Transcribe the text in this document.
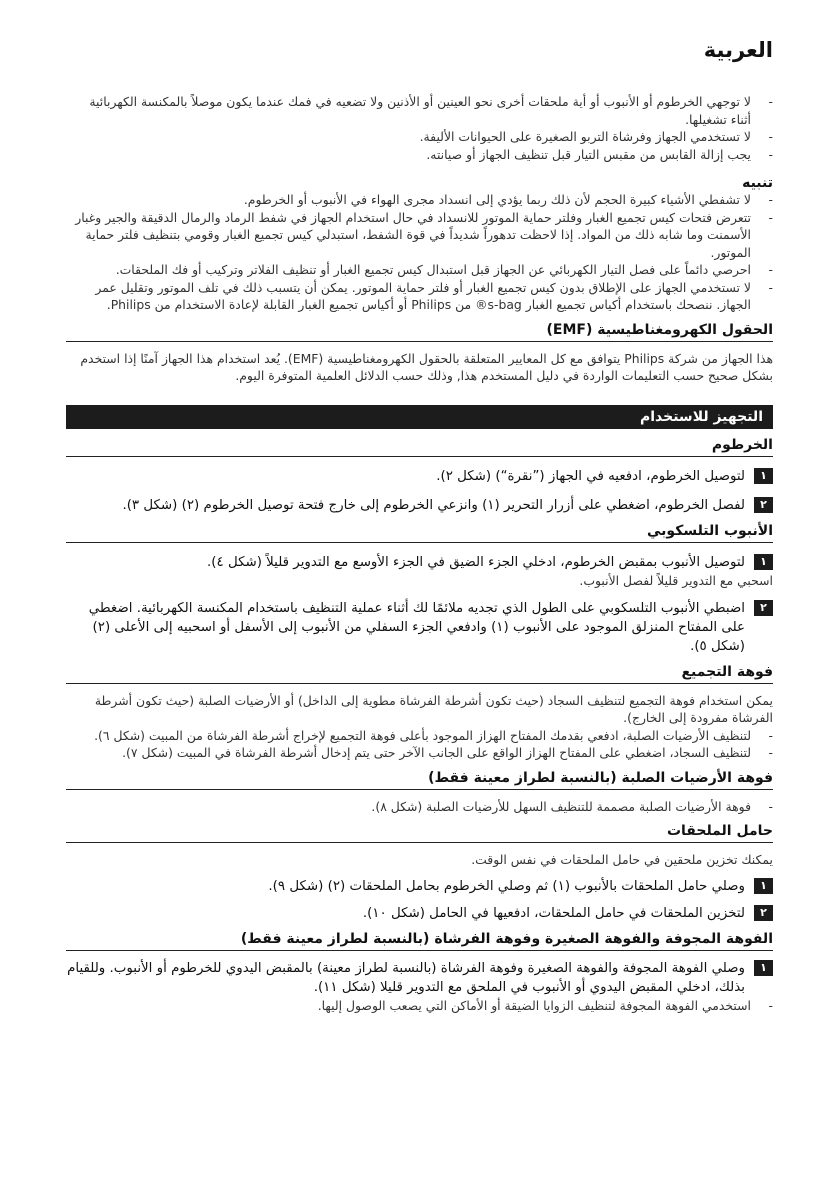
العربية

-
لا توجهي الخرطوم أو الأنبوب أو أية ملحقات أخرى نحو العينين أو الأذنين ولا تضعيه في فمك عندما يكون موصلاً بالمكنسة الكهربائية أثناء تشغيلها.

-
لا تستخدمي الجهاز وفرشاة التربو الصغيرة على الحيوانات الأليفة.

-
يجب إزالة القابس من مقبس التيار قبل تنظيف الجهاز أو صيانته.

تنبيه

-
لا تشفطي الأشياء كبيرة الحجم لأن ذلك ربما يؤدي إلى انسداد مجرى الهواء في الأنبوب أو الخرطوم.

-
تتعرض فتحات كيس تجميع الغبار وفلتر حماية الموتور للانسداد في حال استخدام الجهاز في شفط الرماد والرمال الدقيقة والجير وغبار الأسمنت وما شابه ذلك من المواد. إذا لاحظت تدهوراً شديداً في قوة الشفط، استبدلي كيس تجميع الغبار وقومي بتنظيف فلتر حماية الموتور.

-
احرصي دائماً على فصل التيار الكهربائي عن الجهاز قبل استبدال كيس تجميع الغبار أو تنظيف الفلاتر وتركيب أو فك الملحقات.

-
لا تستخدمي الجهاز على الإطلاق بدون كيس تجميع الغبار أو فلتر حماية الموتور. يمكن أن يتسبب ذلك في تلف الموتور وتقليل عمر الجهاز. ننصحك باستخدام أكياس تجميع الغبار s-bag® من Philips أو أكياس تجميع الغبار القابلة لإعادة الاستخدام من Philips.

الحقول الكهرومغناطيسية (EMF)

هذا الجهاز من شركة Philips يتوافق مع كل المعايير المتعلقة بالحقول الكهرومغناطيسية (EMF). يُعد استخدام هذا الجهاز آمنًا إذا استخدم بشكل صحيح حسب التعليمات الواردة في دليل المستخدم هذا, وذلك حسب الدلائل العلمية المتوفرة اليوم.

التجهيز للاستخدام

الخرطوم

١
لتوصيل الخرطوم، ادفعيه في الجهاز (”نقرة“) (شكل ٢).

٢
لفصل الخرطوم، اضغطي على أزرار التحرير (١) وانزعي الخرطوم إلى خارج فتحة توصيل الخرطوم (٢) (شكل ٣).

الأنبوب التلسكوبي

١
لتوصيل الأنبوب بمقبض الخرطوم، ادخلي الجزء الضيق في الجزء الأوسع مع التدوير قليلاً (شكل ٤).

اسحبي مع التدوير قليلاً لفصل الأنبوب.

٢
اضبطي الأنبوب التلسكوبي على الطول الذي تجديه ملائمًا لك أثناء عملية التنظيف باستخدام المكنسة الكهربائية. اضغطي على المفتاح المنزلق الموجود على الأنبوب (١) وادفعي الجزء السفلي من الأنبوب إلى الأسفل أو اسحبيه إلى الأعلى (٢) (شكل ٥).

فوهة التجميع

يمكن استخدام فوهة التجميع لتنظيف السجاد (حيث تكون أشرطة الفرشاة مطوية إلى الداخل) أو الأرضيات الصلبة (حيث تكون أشرطة الفرشاة مفرودة إلى الخارج).

-
لتنظيف الأرضيات الصلبة، ادفعي بقدمك المفتاح الهزاز الموجود بأعلى فوهة التجميع لإخراج أشرطة الفرشاة من المبيت (شكل ٦).

-
لتنظيف السجاد، اضغطي على المفتاح الهزاز الواقع على الجانب الآخر حتى يتم إدخال أشرطة الفرشاة في المبيت (شكل ٧).

فوهة الأرضيات الصلبة (بالنسبة لطراز معينة فقط)

-
فوهة الأرضيات الصلبة مصممة للتنظيف السهل للأرضيات الصلبة (شكل ٨).

حامل الملحقات

يمكنك تخزين ملحقين في حامل الملحقات في نفس الوقت.

١
وصلي حامل الملحقات بالأنبوب (١) ثم وصلي الخرطوم بحامل الملحقات (٢) (شكل ٩).

٢
لتخزين الملحقات في حامل الملحقات، ادفعيها في الحامل (شكل ١٠).

الفوهة المجوفة والفوهة الصغيرة وفوهة الفرشاة (بالنسبة لطراز معينة فقط)

١
وصلي الفوهة المجوفة والفوهة الصغيرة وفوهة الفرشاة (بالنسبة لطراز معينة) بالمقبض اليدوي للخرطوم أو الأنبوب. وللقيام بذلك، ادخلي المقبض اليدوي أو الأنبوب في الملحق مع التدوير قليلا (شكل ١١).

-
استخدمي الفوهة المجوفة لتنظيف الزوايا الضيقة أو الأماكن التي يصعب الوصول إليها.
